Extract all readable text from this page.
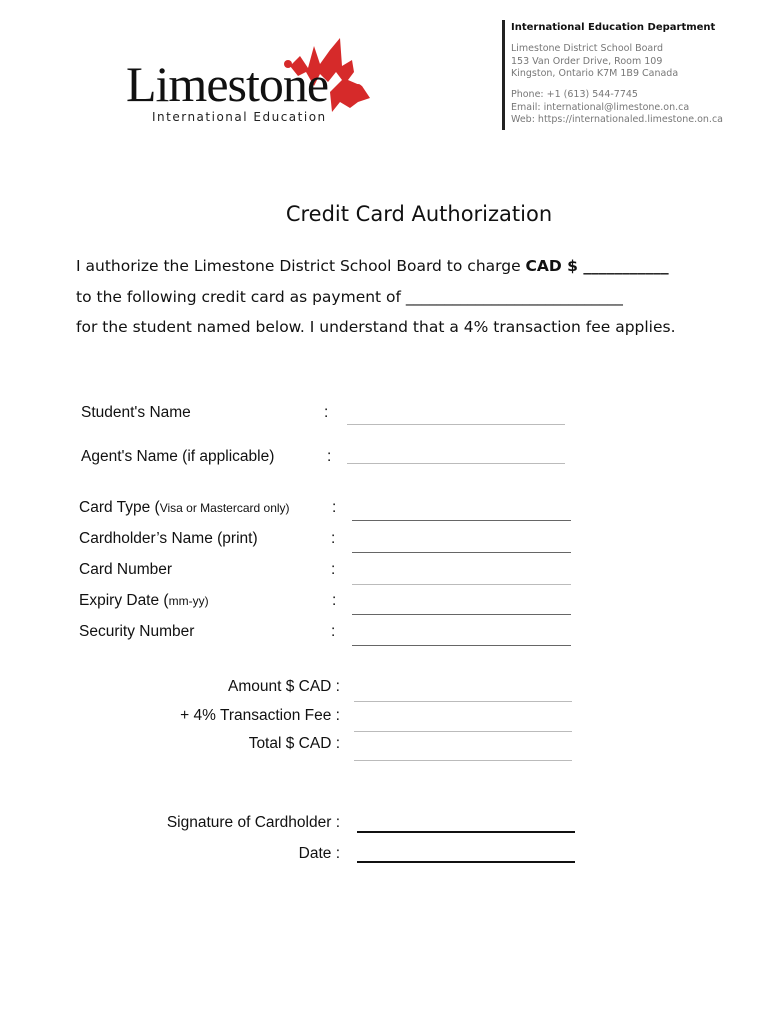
Limestone
International Education
International Education Department
Limestone District School Board
153 Van Order Drive, Room 109
Kingston, Ontario K7M 1B9 Canada
Phone: +1 (613) 544-7745
Email: international@limestone.on.ca
Web: https://internationaled.limestone.on.ca
Credit Card Authorization
I authorize the Limestone District School Board to charge CAD $ ___________
to the following credit card as payment of ____________________________
for the student named below. I understand that a 4% transaction fee applies.
Student's Name	:
Agent's Name (if applicable)	:
Card Type (Visa or Mastercard only)	:
Cardholder’s Name (print)	:
Card Number	:
Expiry Date (mm-yy)	:
Security Number	:
Amount $ CAD :
+ 4% Transaction Fee :
Total $ CAD :
Signature of Cardholder :
Date :
